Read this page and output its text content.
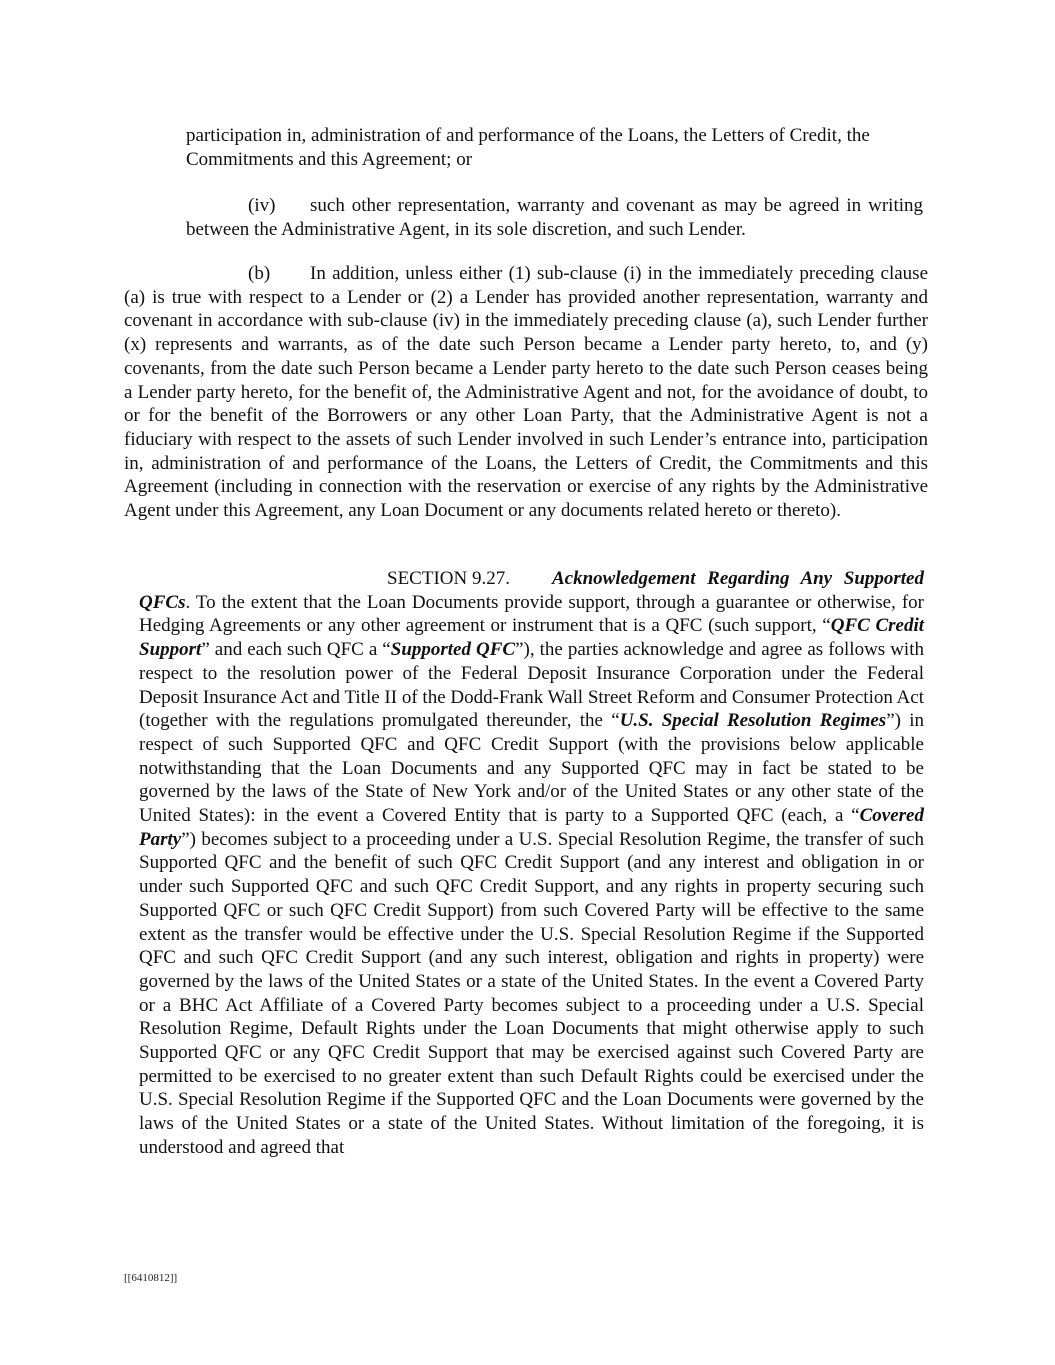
participation in, administration of and performance of the Loans, the Letters of Credit, the Commitments and this Agreement; or

(iv) such other representation, warranty and covenant as may be agreed in writing between the Administrative Agent, in its sole discretion, and such Lender.

(b) In addition, unless either (1) sub-clause (i) in the immediately preceding clause (a) is true with respect to a Lender or (2) a Lender has provided another representation, warranty and covenant in accordance with sub-clause (iv) in the immediately preceding clause (a), such Lender further (x) represents and warrants, as of the date such Person became a Lender party hereto, to, and (y) covenants, from the date such Person became a Lender party hereto to the date such Person ceases being a Lender party hereto, for the benefit of, the Administrative Agent and not, for the avoidance of doubt, to or for the benefit of the Borrowers or any other Loan Party, that the Administrative Agent is not a fiduciary with respect to the assets of such Lender involved in such Lender’s entrance into, participation in, administration of and performance of the Loans, the Letters of Credit, the Commitments and this Agreement (including in connection with the reservation or exercise of any rights by the Administrative Agent under this Agreement, any Loan Document or any documents related hereto or thereto).

SECTION 9.27. Acknowledgement Regarding Any Supported QFCs. To the extent that the Loan Documents provide support, through a guarantee or otherwise, for Hedging Agreements or any other agreement or instrument that is a QFC (such support, “QFC Credit Support” and each such QFC a “Supported QFC”), the parties acknowledge and agree as follows with respect to the resolution power of the Federal Deposit Insurance Corporation under the Federal Deposit Insurance Act and Title II of the Dodd-Frank Wall Street Reform and Consumer Protection Act (together with the regulations promulgated thereunder, the “U.S. Special Resolution Regimes”) in respect of such Supported QFC and QFC Credit Support (with the provisions below applicable notwithstanding that the Loan Documents and any Supported QFC may in fact be stated to be governed by the laws of the State of New York and/or of the United States or any other state of the United States): in the event a Covered Entity that is party to a Supported QFC (each, a “Covered Party”) becomes subject to a proceeding under a U.S. Special Resolution Regime, the transfer of such Supported QFC and the benefit of such QFC Credit Support (and any interest and obligation in or under such Supported QFC and such QFC Credit Support, and any rights in property securing such Supported QFC or such QFC Credit Support) from such Covered Party will be effective to the same extent as the transfer would be effective under the U.S. Special Resolution Regime if the Supported QFC and such QFC Credit Support (and any such interest, obligation and rights in property) were governed by the laws of the United States or a state of the United States. In the event a Covered Party or a BHC Act Affiliate of a Covered Party becomes subject to a proceeding under a U.S. Special Resolution Regime, Default Rights under the Loan Documents that might otherwise apply to such Supported QFC or any QFC Credit Support that may be exercised against such Covered Party are permitted to be exercised to no greater extent than such Default Rights could be exercised under the U.S. Special Resolution Regime if the Supported QFC and the Loan Documents were governed by the laws of the United States or a state of the United States. Without limitation of the foregoing, it is understood and agreed that

[[6410812]]
